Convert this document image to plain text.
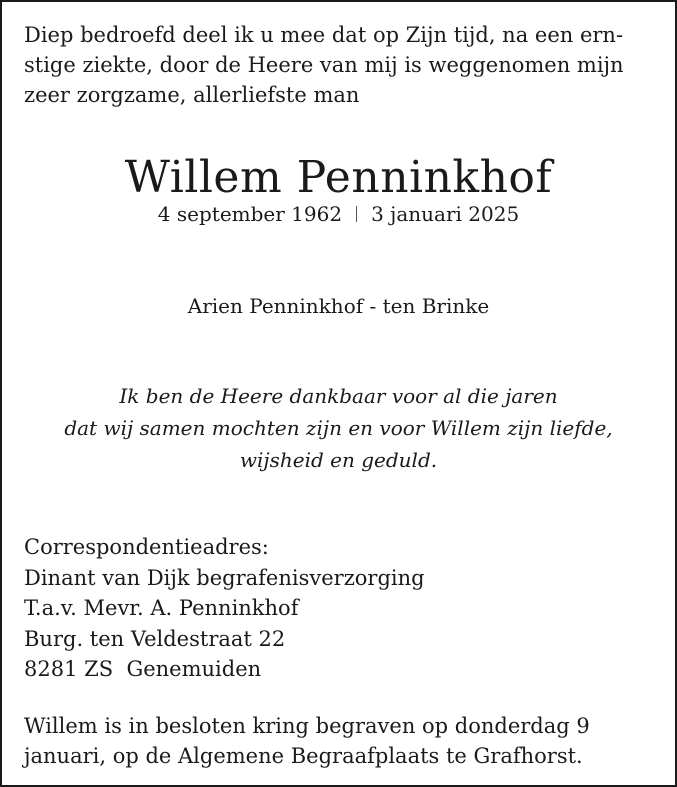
Diep bedroefd deel ik u mee dat op Zijn tijd, na een ern-
stige ziekte, door de Heere van mij is weggenomen mijn
zeer zorgzame, allerliefste man

Willem Penninkhof
4 september 1962 3 januari 2025
Arien Penninkhof - ten Brinke

Ik ben de Heere dankbaar voor al die jaren
dat wij samen mochten zijn en voor Willem zijn liefde,
wijsheid en geduld.

Correspondentieadres:
Dinant van Dijk begrafenisverzorging
T.a.v. Mevr. A. Penninkhof
Burg. ten Veldestraat 22
8281 ZS  Genemuiden

Willem is in besloten kring begraven op donderdag 9
januari, op de Algemene Begraafplaats te Grafhorst.
